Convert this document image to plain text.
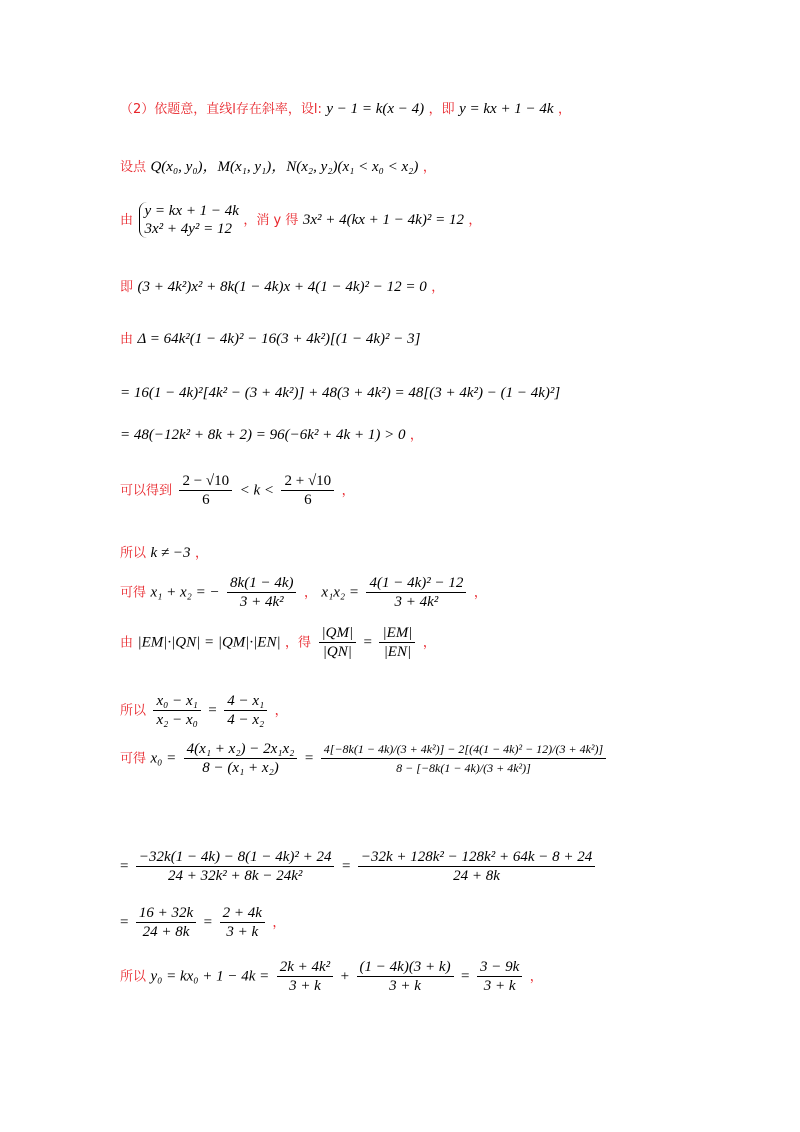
（2）依题意，直线l存在斜率，设l: y − 1 = k(x − 4) ，即 y = kx + 1 − 4k ，
设点 Q(x₀, y₀)，M(x₁, y₁)，N(x₂, y₂)(x₁ < x₀ < x₂) ，
由
y = kx + 1 − 4k
3x² + 4y² = 12
，消 y 得 3x² + 4(kx + 1 − 4k)² = 12 ，
即 (3 + 4k²)x² + 8k(1 − 4k)x + 4(1 − 4k)² − 12 = 0 ，
由 Δ = 64k²(1 − 4k)² − 16(3 + 4k²)[(1 − 4k)² − 3]
= 16(1 − 4k)²[4k² − (3 + 4k²)] + 48(3 + 4k²) = 48[(3 + 4k²) − (1 − 4k)²]
= 48(−12k² + 8k + 2) = 96(−6k² + 4k + 1) > 0 ，
可以得到 $\frac{2 - √10}{6} < k < \frac{2 + √10}{6}$ ，
所以 k ≠ −3 ，
可得 x₁ + x₂ = − $\frac{8k(1 - 4k)}{\text{3 + 4k²}}$ ， $x_1x_2 = \frac{\text{4(1 − 4k)² − 12}}{\text{3 + 4k²}}$ ，
由 |EM|·|QN| = |QM|·|EN| ，得 $\frac{|QM|}{|QN|} = \frac{|EM|}{|EN|}$ ，
所以 $\frac{\text{x₀ − x₁}}{\text{x₂ − x₀}} = \frac{\text{4 − x₁}}{\text{4 − x₂}}$ ，
可得 $x_0 = \frac{\text{4(x₁ + x₂) − 2x₁x₂}}{\text{8 − (x₁ + x₂)}} = \frac{\text{4[−8k(1 − 4k)/(3 + 4k²)] − 2[(4(1 − 4k)² − 12)/(3 + 4k²)]}}{\text{8 − [−8k(1 − 4k)/(3 + 4k²)]}}$
= $\frac{\text{−32k(1 − 4k) − 8(1 − 4k)² + 24}}{\text{24 + 32k² + 8k − 24k²}} = \frac{\text{−32k + 128k² − 128k² + 64k − 8 + 24}}{24 + 8k}$
= $\frac{16 + 32k}{24 + 8k} = \frac{2 + 4k}{3 + k}$ ，
所以 $y_0 = kx_0 + 1 - 4k = \frac{\text{2k + 4k²}}{3 + k} + \frac{(1 - 4k)(3 + k)}{3 + k} = \frac{3 - 9k}{3 + k}$ ，
